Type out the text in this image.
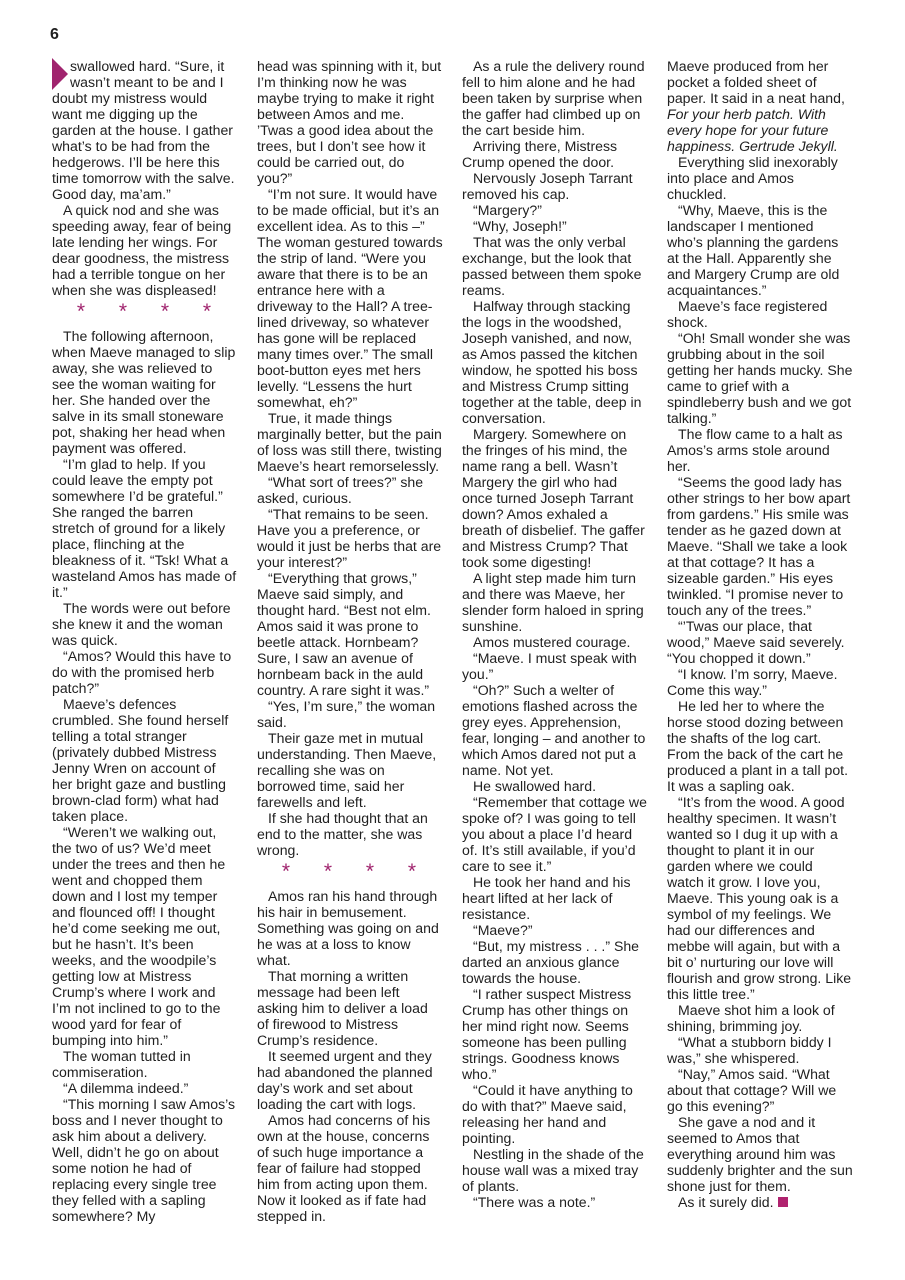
6

swallowed hard. “Sure, it wasn’t meant to be and I doubt my mistress would want me digging up the garden at the house. I gather what’s to be had from the hedgerows. I’ll be here this time tomorrow with the salve. Good day, ma’am.”

A quick nod and she was speeding away, fear of being late lending her wings. For dear goodness, the mistress had a terrible tongue on her when she was displeased!

* * * *

The following afternoon, when Maeve managed to slip away, she was relieved to see the woman waiting for her. She handed over the salve in its small stoneware pot, shaking her head when payment was offered.

“I’m glad to help. If you could leave the empty pot somewhere I’d be grateful.” She ranged the barren stretch of ground for a likely place, flinching at the bleakness of it. “Tsk! What a wasteland Amos has made of it.”

The words were out before she knew it and the woman was quick.

“Amos? Would this have to do with the promised herb patch?”

Maeve’s defences crumbled. She found herself telling a total stranger (privately dubbed Mistress Jenny Wren on account of her bright gaze and bustling brown-clad form) what had taken place.

“Weren’t we walking out, the two of us? We’d meet under the trees and then he went and chopped them down and I lost my temper and flounced off! I thought he’d come seeking me out, but he hasn’t. It’s been weeks, and the woodpile’s getting low at Mistress Crump’s where I work and I’m not inclined to go to the wood yard for fear of bumping into him.”

The woman tutted in commiseration.

“A dilemma indeed.”

“This morning I saw Amos’s boss and I never thought to ask him about a delivery. Well, didn’t he go on about some notion he had of replacing every single tree they felled with a sapling somewhere? My

head was spinning with it, but I’m thinking now he was maybe trying to make it right between Amos and me. ’Twas a good idea about the trees, but I don’t see how it could be carried out, do you?”

“I’m not sure. It would have to be made official, but it’s an excellent idea. As to this –” The woman gestured towards the strip of land. “Were you aware that there is to be an entrance here with a driveway to the Hall? A tree-lined driveway, so whatever has gone will be replaced many times over.” The small boot-button eyes met hers levelly. “Lessens the hurt somewhat, eh?”

True, it made things marginally better, but the pain of loss was still there, twisting Maeve’s heart remorselessly.

“What sort of trees?” she asked, curious.

“That remains to be seen. Have you a preference, or would it just be herbs that are your interest?”

“Everything that grows,” Maeve said simply, and thought hard. “Best not elm. Amos said it was prone to beetle attack. Hornbeam? Sure, I saw an avenue of hornbeam back in the auld country. A rare sight it was.”

“Yes, I’m sure,” the woman said.

Their gaze met in mutual understanding. Then Maeve, recalling she was on borrowed time, said her farewells and left.

If she had thought that an end to the matter, she was wrong.

* * * *

Amos ran his hand through his hair in bemusement. Something was going on and he was at a loss to know what.

That morning a written message had been left asking him to deliver a load of firewood to Mistress Crump’s residence.

It seemed urgent and they had abandoned the planned day’s work and set about loading the cart with logs.

Amos had concerns of his own at the house, concerns of such huge importance a fear of failure had stopped him from acting upon them. Now it looked as if fate had stepped in.

As a rule the delivery round fell to him alone and he had been taken by surprise when the gaffer had climbed up on the cart beside him.

Arriving there, Mistress Crump opened the door.

Nervously Joseph Tarrant removed his cap.

“Margery?”

“Why, Joseph!”

That was the only verbal exchange, but the look that passed between them spoke reams.

Halfway through stacking the logs in the woodshed, Joseph vanished, and now, as Amos passed the kitchen window, he spotted his boss and Mistress Crump sitting together at the table, deep in conversation.

Margery. Somewhere on the fringes of his mind, the name rang a bell. Wasn’t Margery the girl who had once turned Joseph Tarrant down? Amos exhaled a breath of disbelief. The gaffer and Mistress Crump? That took some digesting!

A light step made him turn and there was Maeve, her slender form haloed in spring sunshine.

Amos mustered courage.

“Maeve. I must speak with you.”

“Oh?” Such a welter of emotions flashed across the grey eyes. Apprehension, fear, longing – and another to which Amos dared not put a name. Not yet.

He swallowed hard.

“Remember that cottage we spoke of? I was going to tell you about a place I’d heard of. It’s still available, if you’d care to see it.”

He took her hand and his heart lifted at her lack of resistance.

“Maeve?”

“But, my mistress . . .” She darted an anxious glance towards the house.

“I rather suspect Mistress Crump has other things on her mind right now. Seems someone has been pulling strings. Goodness knows who.”

“Could it have anything to do with that?” Maeve said, releasing her hand and pointing.

Nestling in the shade of the house wall was a mixed tray of plants.

“There was a note.”

Maeve produced from her pocket a folded sheet of paper. It said in a neat hand, For your herb patch. With every hope for your future happiness. Gertrude Jekyll.

Everything slid inexorably into place and Amos chuckled.

“Why, Maeve, this is the landscaper I mentioned who’s planning the gardens at the Hall. Apparently she and Margery Crump are old acquaintances.”

Maeve’s face registered shock.

“Oh! Small wonder she was grubbing about in the soil getting her hands mucky. She came to grief with a spindleberry bush and we got talking.”

The flow came to a halt as Amos’s arms stole around her.

“Seems the good lady has other strings to her bow apart from gardens.” His smile was tender as he gazed down at Maeve. “Shall we take a look at that cottage? It has a sizeable garden.” His eyes twinkled. “I promise never to touch any of the trees.”

“’Twas our place, that wood,” Maeve said severely. “You chopped it down.”

“I know. I’m sorry, Maeve. Come this way.”

He led her to where the horse stood dozing between the shafts of the log cart. From the back of the cart he produced a plant in a tall pot. It was a sapling oak.

“It’s from the wood. A good healthy specimen. It wasn’t wanted so I dug it up with a thought to plant it in our garden where we could watch it grow. I love you, Maeve. This young oak is a symbol of my feelings. We had our differences and mebbe will again, but with a bit o’ nurturing our love will flourish and grow strong. Like this little tree.”

Maeve shot him a look of shining, brimming joy.

“What a stubborn biddy I was,” she whispered.

“Nay,” Amos said. “What about that cottage? Will we go this evening?”

She gave a nod and it seemed to Amos that everything around him was suddenly brighter and the sun shone just for them.

As it surely did.
